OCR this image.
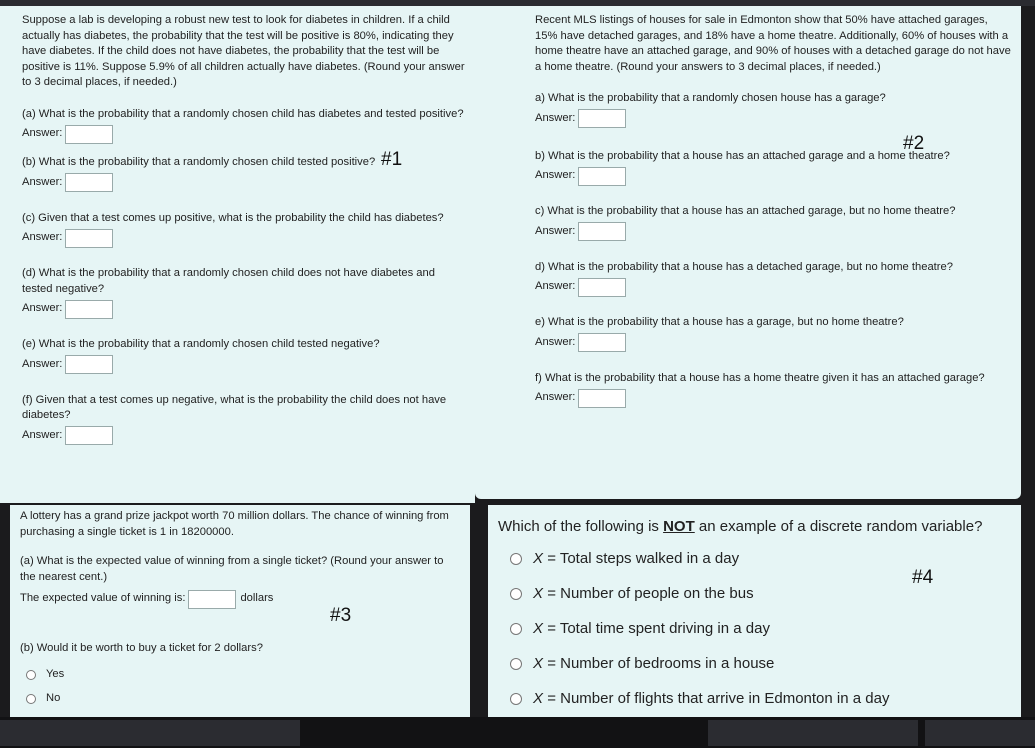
Suppose a lab is developing a robust new test to look for diabetes in children. If a child actually has diabetes, the probability that the test will be positive is 80%, indicating they have diabetes. If the child does not have diabetes, the probability that the test will be positive is 11%. Suppose 5.9% of all children actually have diabetes. (Round your answer to 3 decimal places, if needed.)

(a) What is the probability that a randomly chosen child has diabetes and tested positive?

Answer:

(b) What is the probability that a randomly chosen child tested positive?

Answer:

(c) Given that a test comes up positive, what is the probability the child has diabetes?

Answer:

(d) What is the probability that a randomly chosen child does not have diabetes and tested negative?

Answer:

(e) What is the probability that a randomly chosen child tested negative?

Answer:

(f) Given that a test comes up negative, what is the probability the child does not have diabetes?

Answer:
#1

Recent MLS listings of houses for sale in Edmonton show that 50% have attached garages, 15% have detached garages, and 18% have a home theatre. Additionally, 60% of houses with a home theatre have an attached garage, and 90% of houses with a detached garage do not have a home theatre. (Round your answers to 3 decimal places, if needed.)

a) What is the probability that a randomly chosen house has a garage?

Answer:

b) What is the probability that a house has an attached garage and a home theatre?

Answer:

c) What is the probability that a house has an attached garage, but no home theatre?

Answer:

d) What is the probability that a house has a detached garage, but no home theatre?

Answer:

e) What is the probability that a house has a garage, but no home theatre?

Answer:

f) What is the probability that a house has a home theatre given it has an attached garage?

Answer:
#2

A lottery has a grand prize jackpot worth 70 million dollars. The chance of winning from purchasing a single ticket is 1 in 18200000.

(a) What is the expected value of winning from a single ticket? (Round your answer to the nearest cent.)

The expected value of winning is:	dollars

(b) Would it be worth to buy a ticket for 2 dollars?

Yes
No
#3
Which of the following is NOT an example of a discrete random variable?
X
= Total steps walked in a day
X
= Number of people on the bus
X
= Total time spent driving in a day
X
= Number of bedrooms in a house
X
= Number of flights that arrive in Edmonton in a day
#4
